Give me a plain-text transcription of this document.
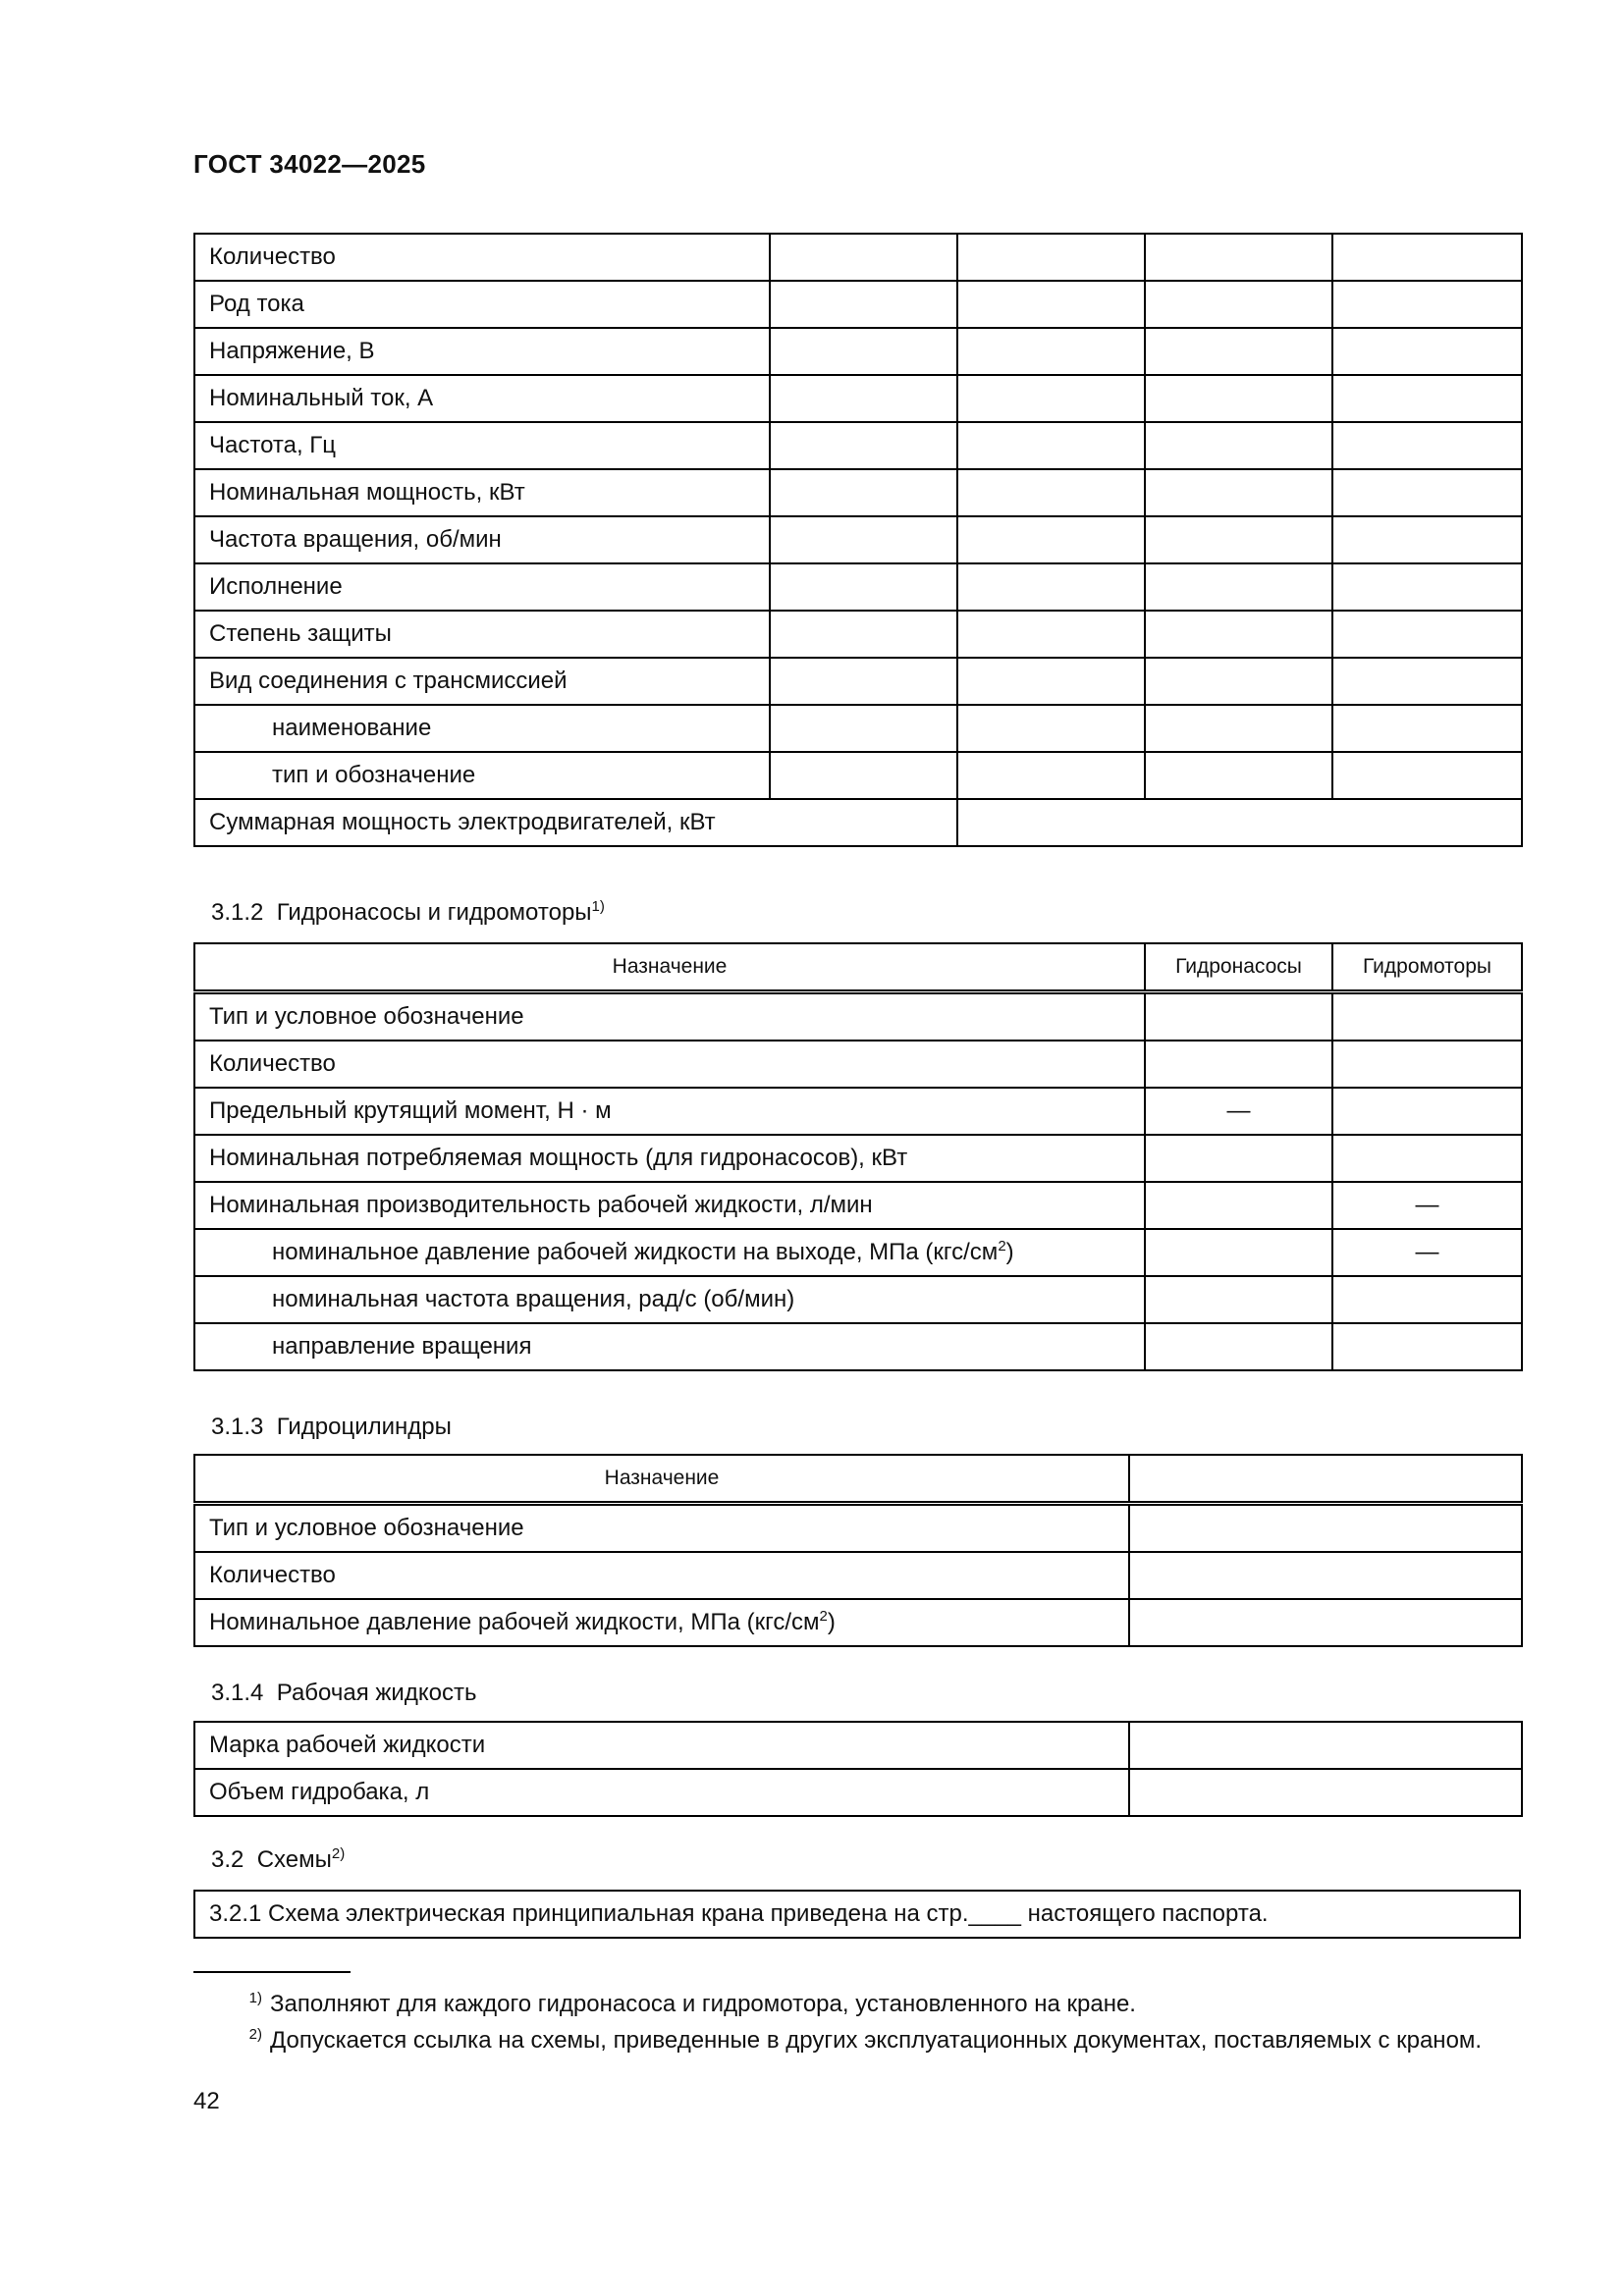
ГОСТ 34022—2025
Количество				
Род тока				
Напряжение, В				
Номинальный ток, А				
Частота, Гц				
Номинальная мощность, кВт				
Частота вращения, об/мин				
Исполнение				
Степень защиты				
Вид соединения с трансмиссией				
наименование				
тип и обозначение				
Суммарная мощность электродвигателей, кВт				
3.1.2 Гидронасосы и гидромоторы$^{1)}$
Назначение	Гидронасосы	Гидромоторы
Тип и условное обозначение		
Количество		
Предельный крутящий момент, Н · м	—	
Номинальная потребляемая мощность (для гидронасосов), кВт		
Номинальная производительность рабочей жидкости, л/мин		—
номинальное давление рабочей жидкости на выходе, МПа $(кгс/см^2)$		—
номинальная частота вращения, рад/с (об/мин)		
направление вращения		
3.1.3 Гидроцилиндры
Назначение	
Тип и условное обозначение	
Количество	
Номинальное давление рабочей жидкости, МПа $(кгс/см^2)$	
3.1.4 Рабочая жидкость
Марка рабочей жидкости	
Объем гидробака, л	
3.2 Схемы$^{2)}$
3.2.1 Схема электрическая принципиальная крана приведена на стр.____ настоящего паспорта.
$^{1)}$ Заполняют для каждого гидронасоса и гидромотора, установленного на кране.
$^{2)}$ Допускается ссылка на схемы, приведенные в других эксплуатационных документах, поставляемых с краном.
42
